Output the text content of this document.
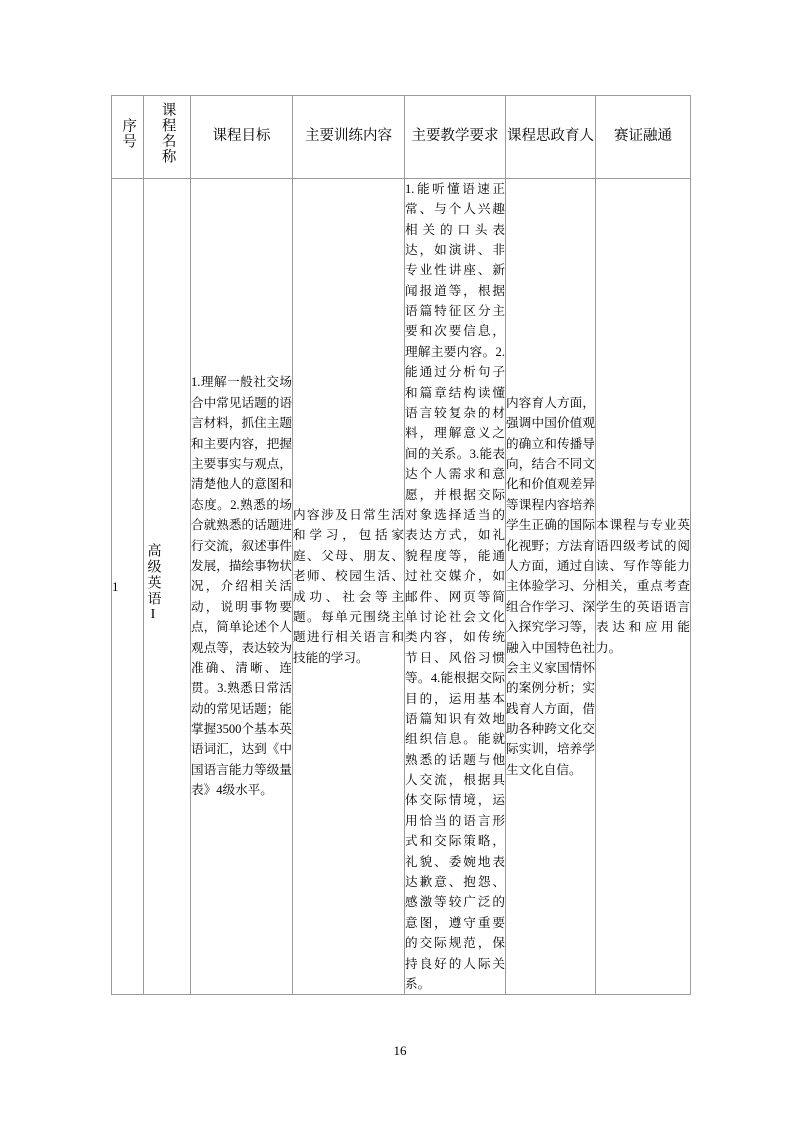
序号	课程名称	课程目标	主要训练内容	主要教学要求	课程思政育人	赛证融通

1	高级英语I	1.理解一般社交场合中常见话题的语言材料，抓住主题和主要内容，把握主要事实与观点，清楚他人的意图和态度。2.熟悉的场合就熟悉的话题进行交流，叙述事件发展，描绘事物状况，介绍相关活动，说明事物要点，简单论述个人观点等，表达较为准确、清晰、连贯。3.熟悉日常活动的常见话题；能掌握3500个基本英语词汇，达到《中国语言能力等级量表》4级水平。	内容涉及日常生活和学习，包括家庭、父母、朋友、老师、校园生活、成功、社会等主题。每单元围绕主题进行相关语言和技能的学习。	1.能听懂语速正常、与个人兴趣相关的口头表达，如演讲、非专业性讲座、新闻报道等，根据语篇特征区分主要和次要信息，理解主要内容。2.能通过分析句子和篇章结构读懂语言较复杂的材料，理解意义之间的关系。3.能表达个人需求和意愿，并根据交际对象选择适当的表达方式，如礼貌程度等，能通过社交媒介，如邮件、网页等简单讨论社会文化类内容，如传统节日、风俗习惯等。4.能根据交际目的，运用基本语篇知识有效地组织信息。能就熟悉的话题与他人交流，根据具体交际情境，运用恰当的语言形式和交际策略，礼貌、委婉地表达歉意、抱怨、感激等较广泛的意图，遵守重要的交际规范，保持良好的人际关系。	内容育人方面，强调中国价值观的确立和传播导向，结合不同文化和价值观差异等课程内容培养学生正确的国际化视野；方法育人方面，通过自主体验学习、分组合作学习、深入探究学习等，融入中国特色社会主义家国情怀的案例分析；实践育人方面，借助各种跨文化交际实训，培养学生文化自信。	本课程与专业英语四级考试的阅读、写作等能力相关，重点考查学生的英语语言表达和应用能力。
16
